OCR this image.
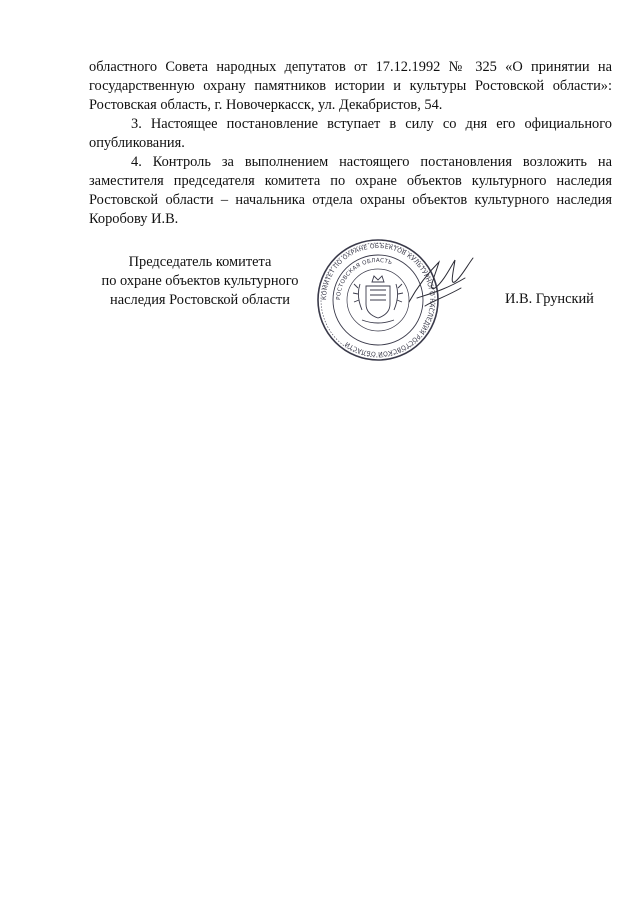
областного Совета народных депутатов от 17.12.1992 № 325 «О принятии на государственную охрану памятников истории и культуры Ростовской области»: Ростовская область, г. Новочеркасск, ул. Декабристов, 54.

3. Настоящее постановление вступает в силу со дня его официального опубликования.

4. Контроль за выполнением настоящего постановления возложить на заместителя председателя комитета по охране объектов культурного наследия Ростовской области – начальника отдела охраны объектов культурного наследия Коробову И.В.

Председатель комитета
по охране объектов культурного
наследия Ростовской области	КОМИТЕТ ПО ОХРАНЕ ОБЪЕКТОВ КУЛЬТУРНОГО НАСЛЕДИЯ РОСТОВСКОЙ ОБЛАСТИ
РОСТОВСКАЯ ОБЛАСТЬ
И.В. Грунский
